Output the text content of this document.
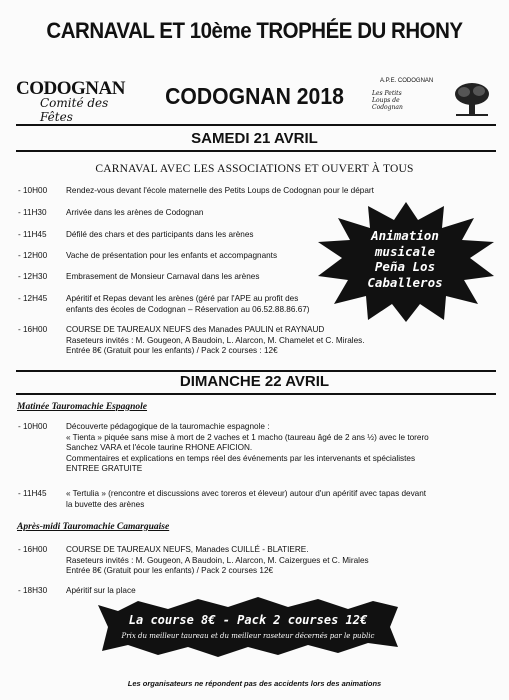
CARNAVAL ET 10ème TROPHÉE DU RHONY
CODOGNAN
Comité des Fêtes
CODOGNAN 2018
A.P.E. CODOGNAN
Les Petits
Loups de
Codognan
SAMEDI 21 AVRIL
CARNAVAL AVEC LES ASSOCIATIONS ET OUVERT À TOUS
- 10H00	Rendez-vous devant l'école maternelle des Petits Loups de Codognan pour le départ
- 11H30	Arrivée dans les arènes de Codognan
- 11H45	Défilé des chars et des participants dans les arènes
- 12H00	Vache de présentation pour les enfants et accompagnants
- 12H30	Embrasement de Monsieur Carnaval dans les arènes
- 12H45	Apéritif et Repas devant les arènes (géré par l'APE au profit des
enfants des écoles de Codognan – Réservation au 06.52.88.86.67)
- 16H00	COURSE DE TAUREAUX NEUFS des Manades PAULIN et RAYNAUD
Raseteurs invités : M. Gougeon, A Baudoin, L. Alarcon, M. Chamelet et C. Mirales.
Entrée 8€ (Gratuit pour les enfants) / Pack 2 courses : 12€
Animation
musicale
Peña Los
Caballeros
DIMANCHE 22 AVRIL
Matinée Tauromachie Espagnole
- 10H00	Découverte pédagogique de la tauromachie espagnole :
« Tienta » piquée sans mise à mort de 2 vaches et 1 macho (taureau âgé de 2 ans ½) avec le torero
Sanchez VARA et l'école taurine RHONE AFICION.
Commentaires et explications en temps réel des événements par les intervenants et spécialistes
ENTREE GRATUITE
- 11H45	« Tertulia » (rencontre et discussions avec toreros et éleveur) autour d'un apéritif avec tapas devant
la buvette des arènes
Après-midi Tauromachie Camarguaise
- 16H00	COURSE DE TAUREAUX NEUFS, Manades CUILLÉ - BLATIERE.
Raseteurs invités : M. Gougeon, A Baudoin, L. Alarcon, M. Caizergues et C. Mirales
Entrée 8€ (Gratuit pour les enfants) / Pack 2 courses 12€
- 18H30	Apéritif sur la place
La course 8€ - Pack 2 courses 12€
Prix du meilleur taureau et du meilleur raseteur décernés par le public
Les organisateurs ne répondent pas des accidents lors des animations
